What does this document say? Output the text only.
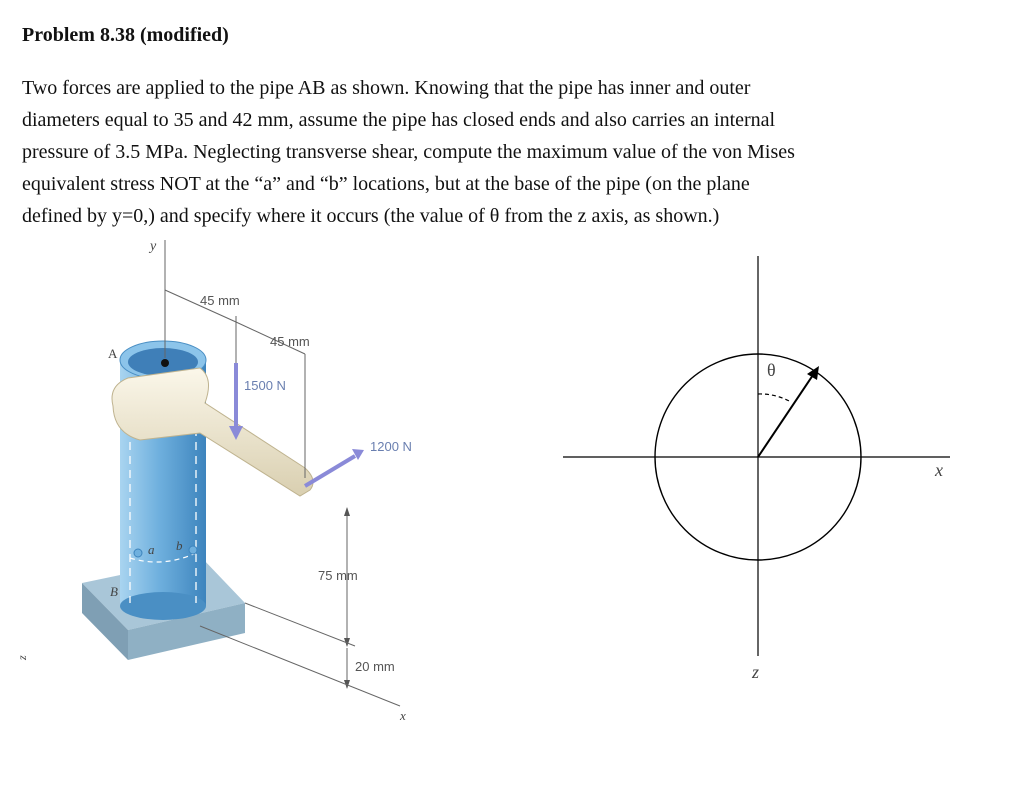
Problem 8.38 (modified)

Two forces are applied to the pipe AB as shown. Knowing that the pipe has inner and outer

diameters equal to 35 and 42 mm, assume the pipe has closed ends and also carries an internal

pressure of 3.5 MPa. Neglecting transverse shear, compute the maximum value of the von Mises

equivalent stress NOT at the “a” and “b” locations, but at the base of the pipe (on the plane

defined by y=0,) and specify where it occurs (the value of θ from the z axis, as shown.)

y
45 mm
45 mm
A
B
1500 N
1200 N
75 mm
20 mm
x
z
a b
θ
x
z
